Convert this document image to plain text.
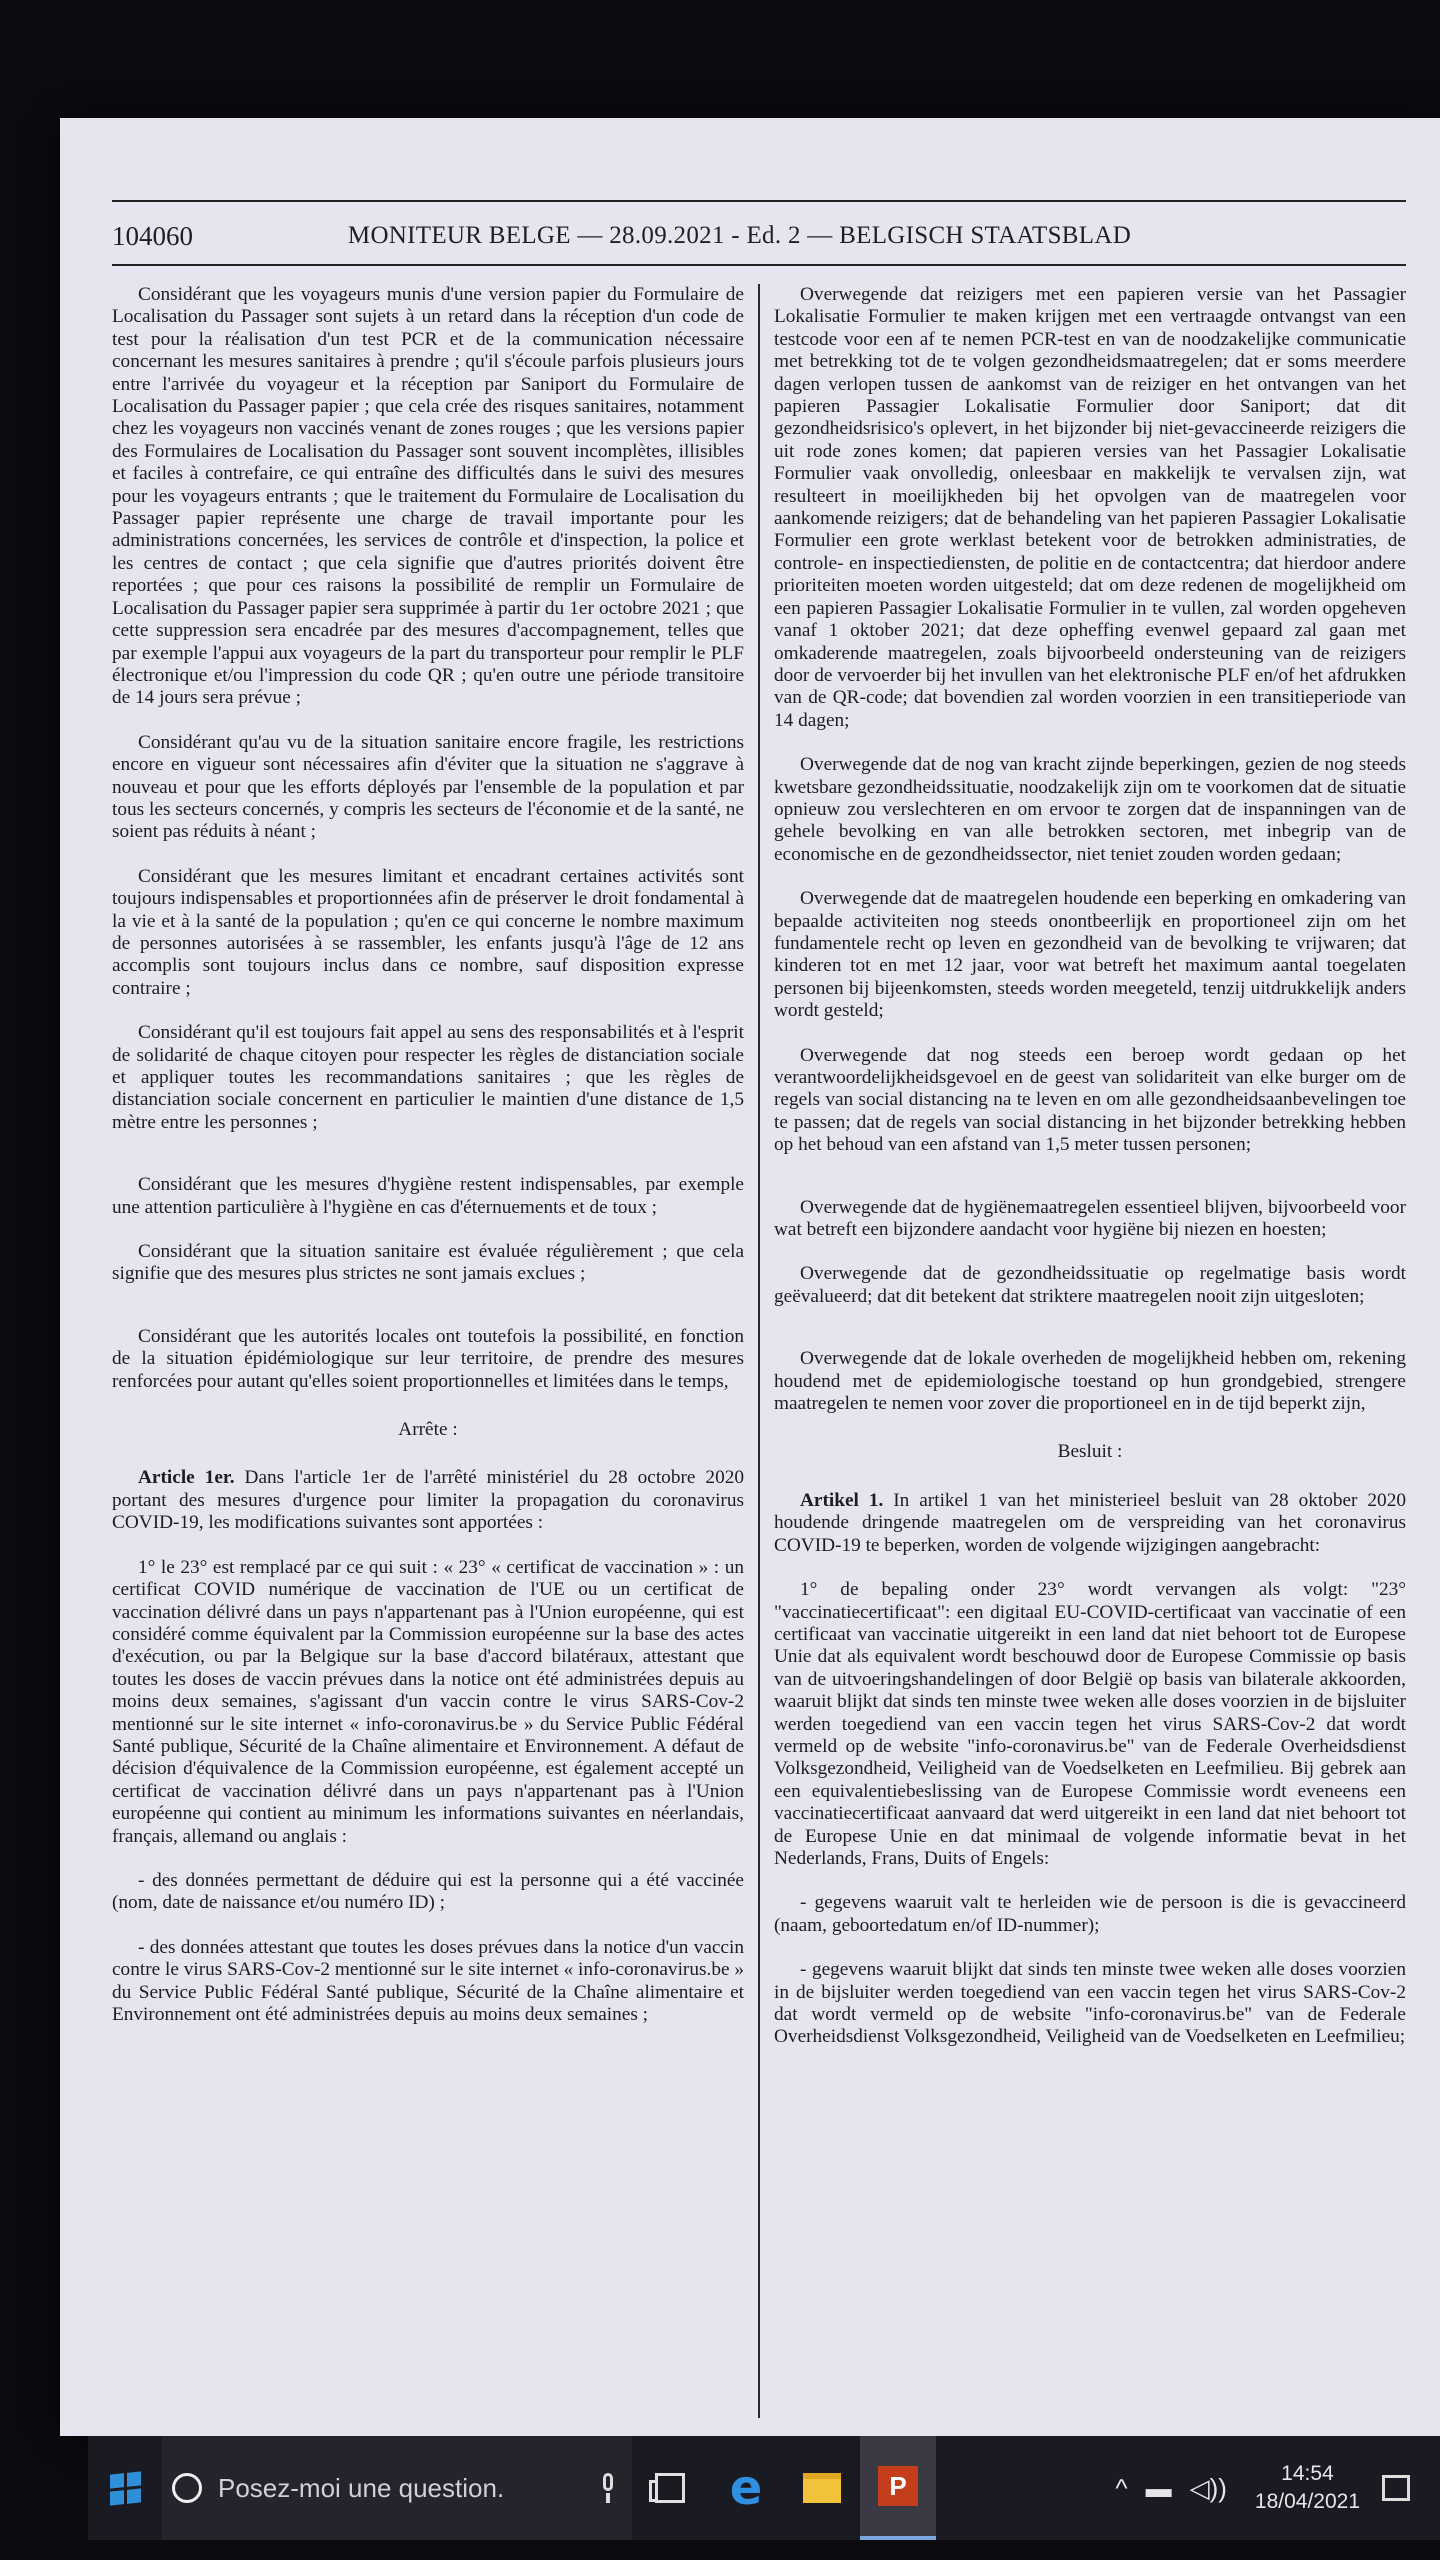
104060	MONITEUR BELGE — 28.09.2021 - Ed. 2 — BELGISCH STAATSBLAD

Considérant que les voyageurs munis d'une version papier du Formulaire de Localisation du Passager sont sujets à un retard dans la réception d'un code de test pour la réalisation d'un test PCR et de la communication nécessaire concernant les mesures sanitaires à prendre ; qu'il s'écoule parfois plusieurs jours entre l'arrivée du voyageur et la réception par Saniport du Formulaire de Localisation du Passager papier ; que cela crée des risques sanitaires, notamment chez les voyageurs non vaccinés venant de zones rouges ; que les versions papier des Formulaires de Localisation du Passager sont souvent incomplètes, illisibles et faciles à contrefaire, ce qui entraîne des difficultés dans le suivi des mesures pour les voyageurs entrants ; que le traitement du Formulaire de Localisation du Passager papier représente une charge de travail importante pour les administrations concernées, les services de contrôle et d'inspection, la police et les centres de contact ; que cela signifie que d'autres priorités doivent être reportées ; que pour ces raisons la possibilité de remplir un Formulaire de Localisation du Passager papier sera supprimée à partir du 1er octobre 2021 ; que cette suppression sera encadrée par des mesures d'accompagnement, telles que par exemple l'appui aux voyageurs de la part du transporteur pour remplir le PLF électronique et/ou l'impression du code QR ; qu'en outre une période transitoire de 14 jours sera prévue ;

Considérant qu'au vu de la situation sanitaire encore fragile, les restrictions encore en vigueur sont nécessaires afin d'éviter que la situation ne s'aggrave à nouveau et pour que les efforts déployés par l'ensemble de la population et par tous les secteurs concernés, y compris les secteurs de l'économie et de la santé, ne soient pas réduits à néant ;

Considérant que les mesures limitant et encadrant certaines activités sont toujours indispensables et proportionnées afin de préserver le droit fondamental à la vie et à la santé de la population ; qu'en ce qui concerne le nombre maximum de personnes autorisées à se rassembler, les enfants jusqu'à l'âge de 12 ans accomplis sont toujours inclus dans ce nombre, sauf disposition expresse contraire ;

Considérant qu'il est toujours fait appel au sens des responsabilités et à l'esprit de solidarité de chaque citoyen pour respecter les règles de distanciation sociale et appliquer toutes les recommandations sanitaires ; que les règles de distanciation sociale concernent en particulier le maintien d'une distance de 1,5 mètre entre les personnes ;

Considérant que les mesures d'hygiène restent indispensables, par exemple une attention particulière à l'hygiène en cas d'éternuements et de toux ;

Considérant que la situation sanitaire est évaluée régulièrement ; que cela signifie que des mesures plus strictes ne sont jamais exclues ;

Considérant que les autorités locales ont toutefois la possibilité, en fonction de la situation épidémiologique sur leur territoire, de prendre des mesures renforcées pour autant qu'elles soient proportionnelles et limitées dans le temps,

Arrête :

Article 1er. Dans l'article 1er de l'arrêté ministériel du 28 octobre 2020 portant des mesures d'urgence pour limiter la propagation du coronavirus COVID-19, les modifications suivantes sont apportées :

1° le 23° est remplacé par ce qui suit : « 23° « certificat de vaccination » : un certificat COVID numérique de vaccination de l'UE ou un certificat de vaccination délivré dans un pays n'appartenant pas à l'Union européenne, qui est considéré comme équivalent par la Commission européenne sur la base des actes d'exécution, ou par la Belgique sur la base d'accord bilatéraux, attestant que toutes les doses de vaccin prévues dans la notice ont été administrées depuis au moins deux semaines, s'agissant d'un vaccin contre le virus SARS-Cov-2 mentionné sur le site internet « info-coronavirus.be » du Service Public Fédéral Santé publique, Sécurité de la Chaîne alimentaire et Environnement. A défaut de décision d'équivalence de la Commission européenne, est également accepté un certificat de vaccination délivré dans un pays n'appartenant pas à l'Union européenne qui contient au minimum les informations suivantes en néerlandais, français, allemand ou anglais :

- des données permettant de déduire qui est la personne qui a été vaccinée (nom, date de naissance et/ou numéro ID) ;

- des données attestant que toutes les doses prévues dans la notice d'un vaccin contre le virus SARS-Cov-2 mentionné sur le site internet « info-coronavirus.be » du Service Public Fédéral Santé publique, Sécurité de la Chaîne alimentaire et Environnement ont été administrées depuis au moins deux semaines ;

Overwegende dat reizigers met een papieren versie van het Passagier Lokalisatie Formulier te maken krijgen met een vertraagde ontvangst van een testcode voor een af te nemen PCR-test en van de noodzakelijke communicatie met betrekking tot de te volgen gezondheidsmaatregelen; dat er soms meerdere dagen verlopen tussen de aankomst van de reiziger en het ontvangen van het papieren Passagier Lokalisatie Formulier door Saniport; dat dit gezondheidsrisico's oplevert, in het bijzonder bij niet-gevaccineerde reizigers die uit rode zones komen; dat papieren versies van het Passagier Lokalisatie Formulier vaak onvolledig, onleesbaar en makkelijk te vervalsen zijn, wat resulteert in moeilijkheden bij het opvolgen van de maatregelen voor aankomende reizigers; dat de behandeling van het papieren Passagier Lokalisatie Formulier een grote werklast betekent voor de betrokken administraties, de controle- en inspectiediensten, de politie en de contactcentra; dat hierdoor andere prioriteiten moeten worden uitgesteld; dat om deze redenen de mogelijkheid om een papieren Passagier Lokalisatie Formulier in te vullen, zal worden opgeheven vanaf 1 oktober 2021; dat deze opheffing evenwel gepaard zal gaan met omkaderende maatregelen, zoals bijvoorbeeld ondersteuning van de reizigers door de vervoerder bij het invullen van het elektronische PLF en/of het afdrukken van de QR-code; dat bovendien zal worden voorzien in een transitieperiode van 14 dagen;

Overwegende dat de nog van kracht zijnde beperkingen, gezien de nog steeds kwetsbare gezondheidssituatie, noodzakelijk zijn om te voorkomen dat de situatie opnieuw zou verslechteren en om ervoor te zorgen dat de inspanningen van de gehele bevolking en van alle betrokken sectoren, met inbegrip van de economische en de gezondheidssector, niet teniet zouden worden gedaan;

Overwegende dat de maatregelen houdende een beperking en omkadering van bepaalde activiteiten nog steeds onontbeerlijk en proportioneel zijn om het fundamentele recht op leven en gezondheid van de bevolking te vrijwaren; dat kinderen tot en met 12 jaar, voor wat betreft het maximum aantal toegelaten personen bij bijeenkomsten, steeds worden meegeteld, tenzij uitdrukkelijk anders wordt gesteld;

Overwegende dat nog steeds een beroep wordt gedaan op het verantwoordelijkheidsgevoel en de geest van solidariteit van elke burger om de regels van social distancing na te leven en om alle gezondheidsaanbevelingen toe te passen; dat de regels van social distancing in het bijzonder betrekking hebben op het behoud van een afstand van 1,5 meter tussen personen;

Overwegende dat de hygiënemaatregelen essentieel blijven, bijvoorbeeld voor wat betreft een bijzondere aandacht voor hygiëne bij niezen en hoesten;

Overwegende dat de gezondheidssituatie op regelmatige basis wordt geëvalueerd; dat dit betekent dat striktere maatregelen nooit zijn uitgesloten;

Overwegende dat de lokale overheden de mogelijkheid hebben om, rekening houdend met de epidemiologische toestand op hun grondgebied, strengere maatregelen te nemen voor zover die proportioneel en in de tijd beperkt zijn,

Besluit :

Artikel 1. In artikel 1 van het ministerieel besluit van 28 oktober 2020 houdende dringende maatregelen om de verspreiding van het coronavirus COVID-19 te beperken, worden de volgende wijzigingen aangebracht:

1° de bepaling onder 23° wordt vervangen als volgt: "23° "vaccinatiecertificaat": een digitaal EU-COVID-certificaat van vaccinatie of een certificaat van vaccinatie uitgereikt in een land dat niet behoort tot de Europese Unie dat als equivalent wordt beschouwd door de Europese Commissie op basis van de uitvoeringshandelingen of door België op basis van bilaterale akkoorden, waaruit blijkt dat sinds ten minste twee weken alle doses voorzien in de bijsluiter werden toegediend van een vaccin tegen het virus SARS-Cov-2 dat wordt vermeld op de website "info-coronavirus.be" van de Federale Overheidsdienst Volksgezondheid, Veiligheid van de Voedselketen en Leefmilieu. Bij gebrek aan een equivalentiebeslissing van de Europese Commissie wordt eveneens een vaccinatiecertificaat aanvaard dat werd uitgereikt in een land dat niet behoort tot de Europese Unie en dat minimaal de volgende informatie bevat in het Nederlands, Frans, Duits of Engels:

- gegevens waaruit valt te herleiden wie de persoon is die is gevaccineerd (naam, geboortedatum en/of ID-nummer);

- gegevens waaruit blijkt dat sinds ten minste twee weken alle doses voorzien in de bijsluiter werden toegediend van een vaccin tegen het virus SARS-Cov-2 dat wordt vermeld op de website "info-coronavirus.be" van de Federale Overheidsdienst Volksgezondheid, Veiligheid van de Voedselketen en Leefmilieu;

Posez-moi une question.	e	P	^ ▬ ◁))	14:54
18/04/2021
